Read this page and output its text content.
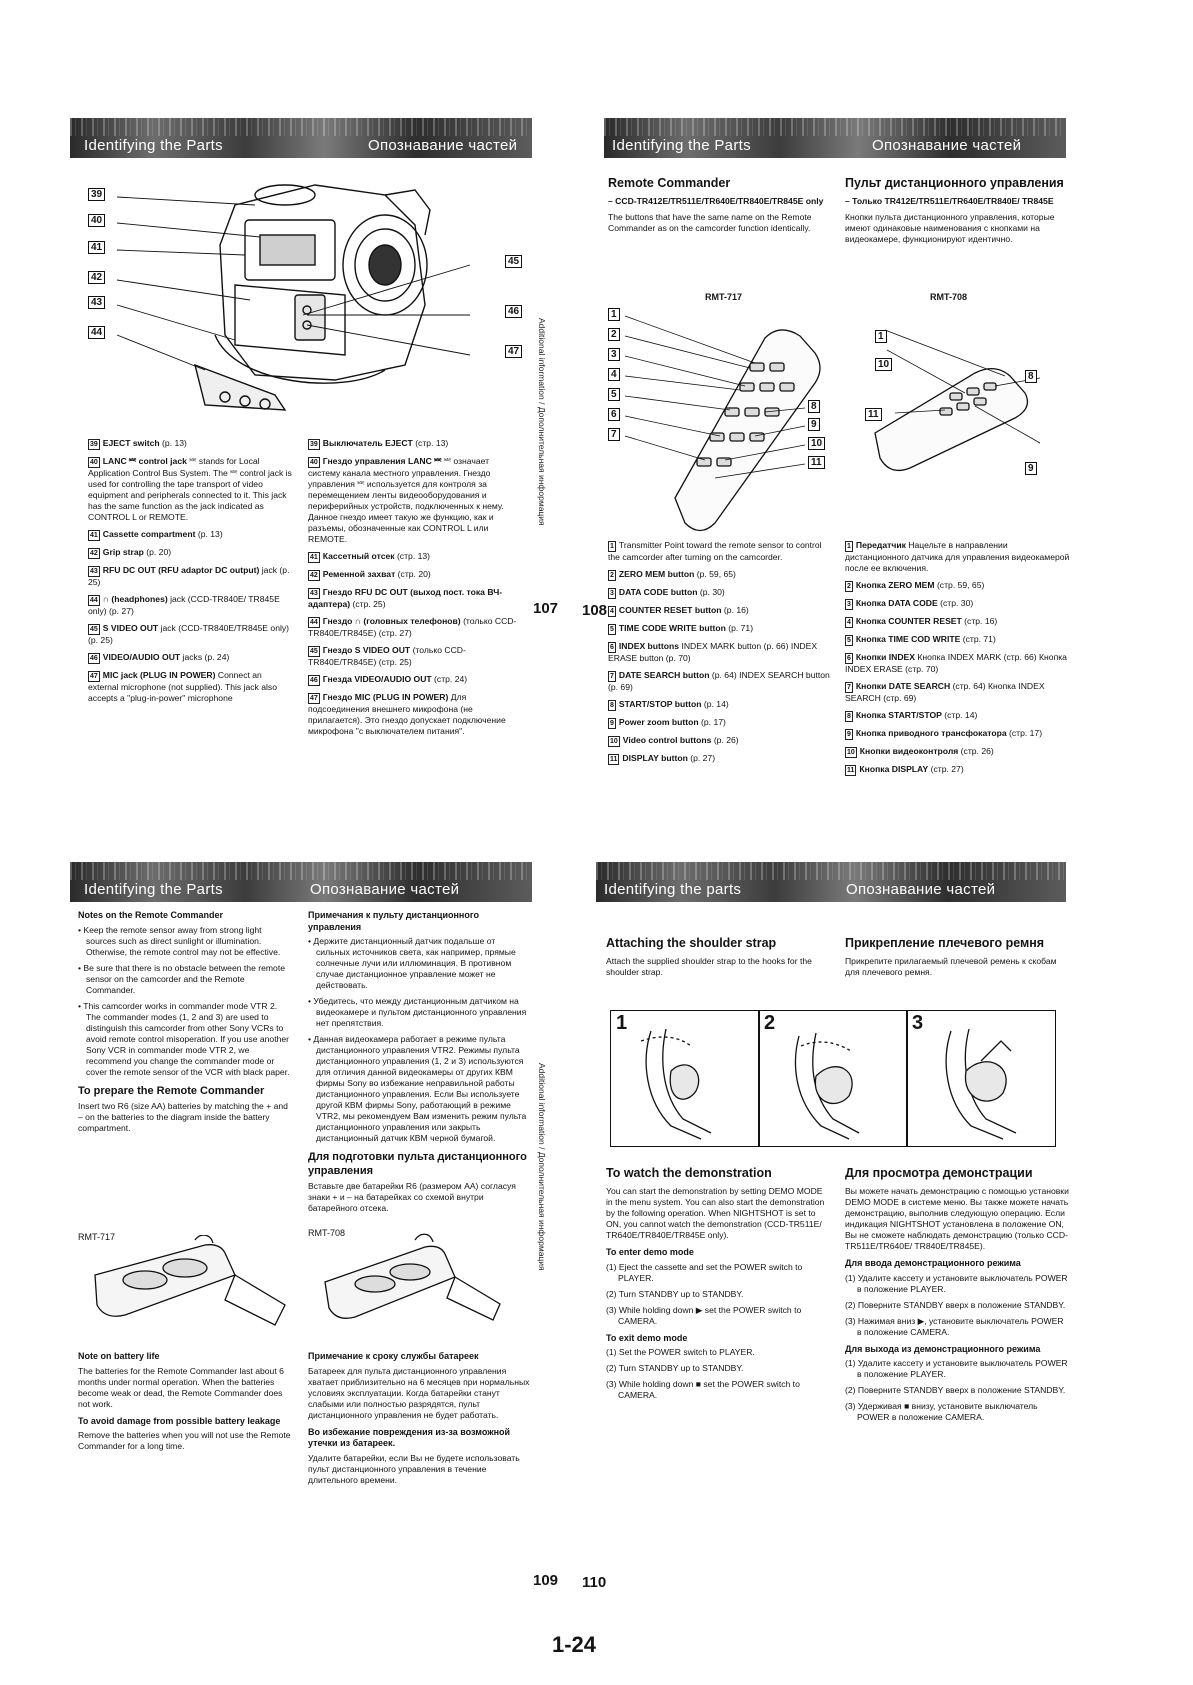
Identifying the Parts	Опознавание частей
39
40
41
42
43
44
45
46
47
39 EJECT switch (p. 13)
40 LANC ⎃ control jack ⎃ stands for Local Application Control Bus System. The ⎃ control jack is used for controlling the tape transport of video equipment and peripherals connected to it. This jack has the same function as the jack indicated as CONTROL L or REMOTE.
41 Cassette compartment (p. 13)
42 Grip strap (p. 20)
43 RFU DC OUT (RFU adaptor DC output) jack (p. 25)
44 ∩ (headphones) jack (CCD-TR840E/ TR845E only) (p. 27)
45 S VIDEO OUT jack (CCD-TR840E/TR845E only) (p. 25)
46 VIDEO/AUDIO OUT jacks (p. 24)
47 MIC jack (PLUG IN POWER) Connect an external microphone (not supplied). This jack also accepts a "plug-in-power" microphone
39 Выключатель EJECT (стр. 13)
40 Гнездо управления LANC ⎃ ⎃ означает систему канала местного управления. Гнездо управления ⎃ используется для контроля за перемещением ленты видеооборудования и периферийных устройств, подключенных к нему. Данное гнездо имеет такую же функцию, как и разъемы, обозначенные как CONTROL L или REMOTE.
41 Кассетный отсек (стр. 13)
42 Ременной захват (стр. 20)
43 Гнездо RFU DC OUT (выход пост. тока ВЧ-адаптера) (стр. 25)
44 Гнездо ∩ (головных телефонов) (только CCD-TR840E/TR845E) (стр. 27)
45 Гнездо S VIDEO OUT (только CCD-TR840E/TR845E) (стр. 25)
46 Гнезда VIDEO/AUDIO OUT (стр. 24)
47 Гнездо MIC (PLUG IN POWER) Для подсоединения внешнего микрофона (не прилагается). Это гнездо допускает подключение микрофона "с выключателем питания".
Additional information / Дополнительная информация
107
Identifying the Parts	Опознавание частей
Remote Commander

– CCD-TR412E/TR511E/TR640E/TR840E/TR845E only

The buttons that have the same name on the Remote Commander as on the camcorder function identically.

Пульт дистанционного управления

– Только TR412E/TR511E/TR640E/TR840E/ TR845E

Кнопки пульта дистанционного управления, которые имеют одинаковые наименования с кнопками на видеокамере, функционируют идентично.

RMT-717	RMT-708
1
2
3
4
5
6
7
8
9
10
11
1
10
11
8
9
1 Transmitter Point toward the remote sensor to control the camcorder after turning on the camcorder.
2 ZERO MEM button (p. 59, 65)
3 DATA CODE button (p. 30)
4 COUNTER RESET button (p. 16)
5 TIME CODE WRITE button (p. 71)
6 INDEX buttons INDEX MARK button (p. 66) INDEX ERASE button (p. 70)
7 DATE SEARCH button (p. 64) INDEX SEARCH button (p. 69)
8 START/STOP button (p. 14)
9 Power zoom button (p. 17)
10 Video control buttons (p. 26)
11 DISPLAY button (p. 27)
1 Передатчик Нацельте в направлении дистанционного датчика для управления видеокамерой после ее включения.
2 Кнопка ZERO MEM (стр. 59, 65)
3 Кнопка DATA CODE (стр. 30)
4 Кнопка COUNTER RESET (стр. 16)
5 Кнопка TIME COD WRITE (стр. 71)
6 Кнопки INDEX Кнопка INDEX MARK (стр. 66) Кнопка INDEX ERASE (стр. 70)
7 Кнопки DATE SEARCH (стр. 64) Кнопка INDEX SEARCH (стр. 69)
8 Кнопка START/STOP (стр. 14)
9 Кнопка приводного трансфокатора (стр. 17)
10 Кнопки видеоконтроля (стр. 26)
11 Кнопка DISPLAY (стр. 27)
108
Identifying the Parts	Опознавание частей
Notes on the Remote Commander

• Keep the remote sensor away from strong light sources such as direct sunlight or illumination. Otherwise, the remote control may not be effective.

• Be sure that there is no obstacle between the remote sensor on the camcorder and the Remote Commander.

• This camcorder works in commander mode VTR 2. The commander modes (1, 2 and 3) are used to distinguish this camcorder from other Sony VCRs to avoid remote control misoperation. If you use another Sony VCR in commander mode VTR 2, we recommend you change the commander mode or cover the remote sensor of the VCR with black paper.

To prepare the Remote Commander

Insert two R6 (size AA) batteries by matching the + and – on the batteries to the diagram inside the battery compartment.

RMT-717
Note on battery life

The batteries for the Remote Commander last about 6 months under normal operation. When the batteries become weak or dead, the Remote Commander does not work.

To avoid damage from possible battery leakage

Remove the batteries when you will not use the Remote Commander for a long time.

Примечания к пульту дистанционного управления

• Держите дистанционный датчик подальше от сильных источников света, как например, прямые солнечные лучи или иллюминация. В противном случае дистанционное управление может не действовать.

• Убедитесь, что между дистанционным датчиком на видеокамере и пультом дистанционного управления нет препятствия.

• Данная видеокамера работает в режиме пульта дистанционного управления VTR2. Режимы пульта дистанционного управления (1, 2 и 3) используются для отличия данной видеокамеры от других КВМ фирмы Sony во избежание неправильной работы дистанционного управления. Если Вы используете другой КВМ фирмы Sony, работающий в режиме VTR2, мы рекомендуем Вам изменить режим пульта дистанционного управления или закрыть дистанционный датчик КВМ черной бумагой.

Для подготовки пульта дистанционного управления

Вставьте две батарейки R6 (размером AA) согласуя знаки + и – на батарейках со схемой внутри батарейного отсека.

RMT-708
Примечание к сроку службы батареек

Батареек для пульта дистанционного управления хватает приблизительно на 6 месяцев при нормальных условиях эксплуатации. Когда батарейки станут слабыми или полностью разрядятся, пульт дистанционного управления не будет работать.

Во избежание повреждения из-за возможной утечки из батареек.

Удалите батарейки, если Вы не будете использовать пульт дистанционного управления в течение длительного времени.

Additional information / Дополнительная информация
109
Identifying the parts	Опознавание частей
Attaching the shoulder strap

Attach the supplied shoulder strap to the hooks for the shoulder strap.

Прикрепление плечевого ремня

Прикрепите прилагаемый плечевой ремень к скобам для плечевого ремня.

1	2	3
To watch the demonstration

You can start the demonstration by setting DEMO MODE in the menu system. You can also start the demonstration by the following operation. When NIGHTSHOT is set to ON, you cannot watch the demonstration (CCD-TR511E/ TR640E/TR840E/TR845E only).

To enter demo mode

(1) Eject the cassette and set the POWER switch to PLAYER.

(2) Turn STANDBY up to STANDBY.

(3) While holding down ▶ set the POWER switch to CAMERA.

To exit demo mode

(1) Set the POWER switch to PLAYER.

(2) Turn STANDBY up to STANDBY.

(3) While holding down ■ set the POWER switch to CAMERA.

Для просмотра демонстрации

Вы можете начать демонстрацию с помощью установки DEMO MODE в системе меню. Вы также можете начать демонстрацию, выполнив следующую операцию. Если индикация NIGHTSHOT установлена в положение ON, Вы не сможете наблюдать демонстрацию (только CCD-TR511E/TR640E/ TR840E/TR845E).

Для ввода демонстрационного режима

(1) Удалите кассету и установите выключатель POWER в положение PLAYER.

(2) Поверните STANDBY вверх в положение STANDBY.

(3) Нажимая вниз ▶, установите выключатель POWER в положение CAMERA.

Для выхода из демонстрационного режима

(1) Удалите кассету и установите выключатель POWER в положение PLAYER.

(2) Поверните STANDBY вверх в положение STANDBY.

(3) Удерживая ■ внизу, установите выключатель POWER в положение CAMERA.

110
1-24
